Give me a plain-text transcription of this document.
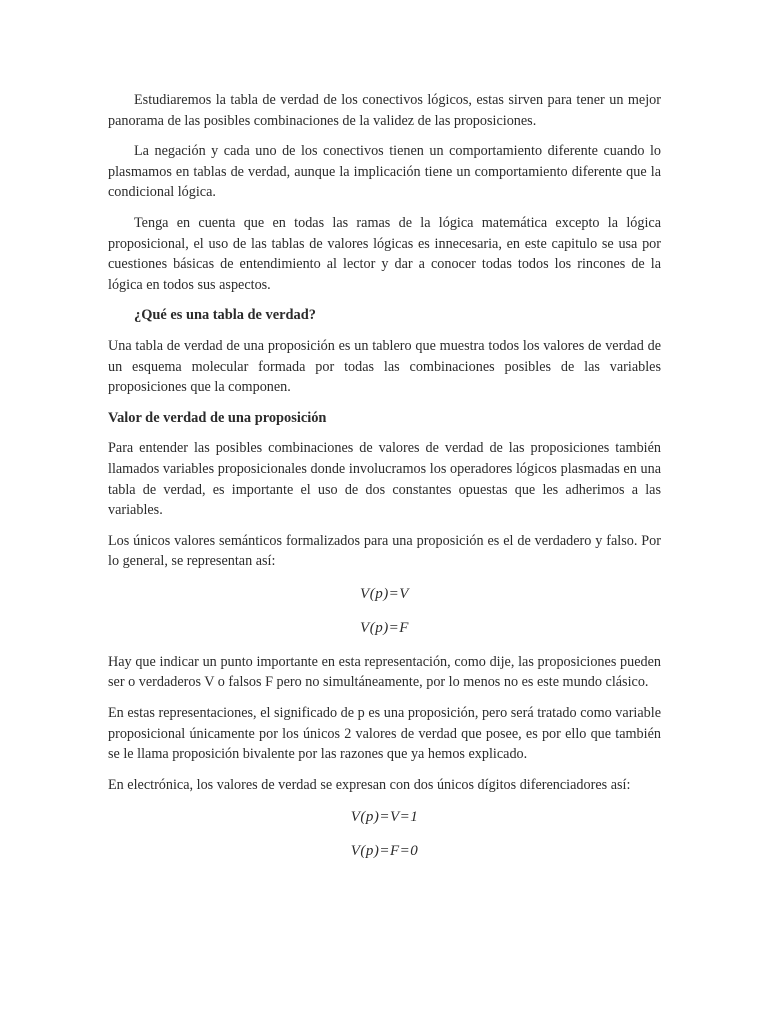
Estudiaremos la tabla de verdad de los conectivos lógicos, estas sirven para tener un mejor panorama de las posibles combinaciones de la validez de las proposiciones.

La negación y cada uno de los conectivos tienen un comportamiento diferente cuando lo plasmamos en tablas de verdad, aunque la implicación tiene un comportamiento diferente que la condicional lógica.

Tenga en cuenta que en todas las ramas de la lógica matemática excepto la lógica proposicional, el uso de las tablas de valores lógicas es innecesaria, en este capitulo se usa por cuestiones básicas de entendimiento al lector y dar a conocer todas todos los rincones de la lógica en todos sus aspectos.

¿Qué es una tabla de verdad?

Una tabla de verdad de una proposición es un tablero que muestra todos los valores de verdad de un esquema molecular formada por todas las combinaciones posibles de las variables proposiciones que la componen.

Valor de verdad de una proposición

Para entender las posibles combinaciones de valores de verdad de las proposiciones también llamados variables proposicionales donde involucramos los operadores lógicos plasmadas en una tabla de verdad, es importante el uso de dos constantes opuestas que les adherimos a las variables.

Los únicos valores semánticos formalizados para una proposición es el de verdadero y falso. Por lo general, se representan así:

V(p)=V
V(p)=F

Hay que indicar un punto importante en esta representación, como dije, las proposiciones pueden ser o verdaderos V o falsos F pero no simultáneamente, por lo menos no es este mundo clásico.

En estas representaciones, el significado de p es una proposición, pero será tratado como variable proposicional únicamente por los únicos 2 valores de verdad que posee, es por ello que también se le llama proposición bivalente por las razones que ya hemos explicado.

En electrónica, los valores de verdad se expresan con dos únicos dígitos diferenciadores así:

V(p)=V=1
V(p)=F=0
